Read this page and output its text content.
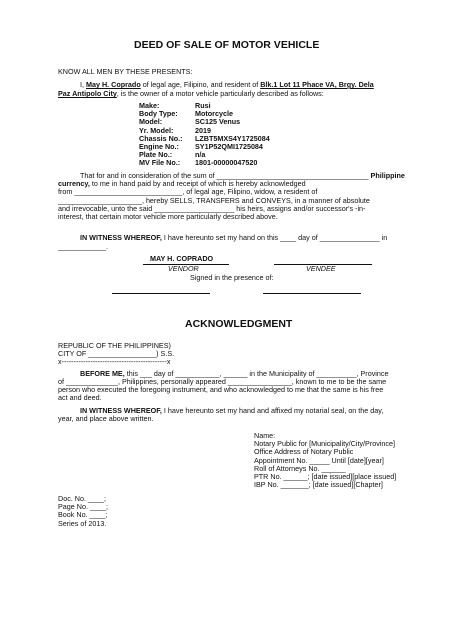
DEED OF SALE OF MOTOR VEHICLE
KNOW ALL MEN BY THESE PRESENTS:
I, May H. Coprado of legal age, Filipino, and resident of Blk.1 Lot 11 Phace VA, Brgy. Dela
Paz Antipolo City, is the owner of a motor vehicle particularly described as follows:
Make:	Rusi
Body Type:	Motorcycle
Model:	SC125 Venus
Yr. Model:	2019
Chassis No.:	LZBT5MXS4Y1725084
Engine No.:	SY1P52QMI1725084
Plate No.:	n/a
MV File No.:	1801-00000047520
That for and in consideration of the sum of ______________________________________ Philippine
currency, to me in hand paid by and receipt of which is hereby acknowledged
from ___________________________, of legal age, Filipino, widow, a resident of
_____________________, hereby SELLS, TRANSFERS and CONVEYS, in a manner of absolute
and irrevocable, unto the said ____________________ his heirs, assigns and/or successor's -in-
interest, that certain motor vehicle more particularly described above.
IN WITNESS WHEREOF, I have hereunto set my hand on this ____ day of _______________ in
____________.
MAY H. COPRADO
VENDOR	VENDEE
Signed in the presence of:
ACKNOWLEDGMENT
REPUBLIC OF THE PHILIPPINES)
CITY OF _________________) S.S.
x--------------------------------------------x
BEFORE ME, this ___ day of ___________, ______ in the Municipality of __________, Province
of _____________, Philippines, personally appeared ________________, known to me to be the same
person who executed the foregoing instrument, and who acknowledged to me that the same is his free
act and deed.
IN WITNESS WHEREOF, I have hereunto set my hand and affixed my notarial seal, on the day,
year, and place above written.
Name:
Notary Public for [Municipality/City/Province]
Office Address of Notary Public
Appointment No. _____ Until [date][year]
Roll of Attorneys No. ______
PTR No. ______; [date issued][place issued]
IBP No. _______; [date issued][Chapter]
Doc. No. ____;
Page No. ____;
Book No. ____;
Series of 2013.
